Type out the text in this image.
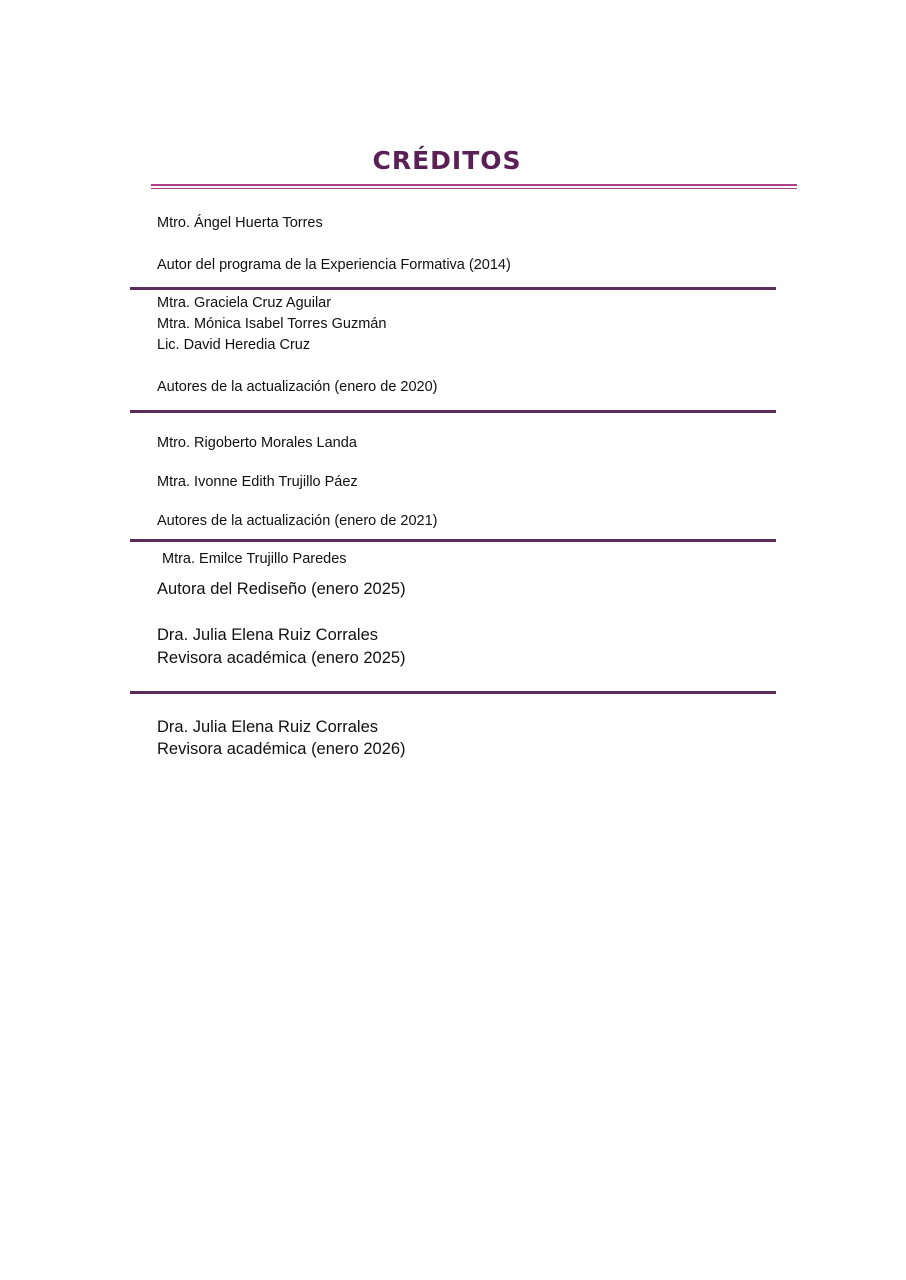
CRÉDITOS
Mtro. Ángel Huerta Torres
Autor del programa de la Experiencia Formativa (2014)
Mtra. Graciela Cruz Aguilar
Mtra. Mónica Isabel Torres Guzmán
Lic. David Heredia Cruz
Autores de la actualización (enero de 2020)
Mtro. Rigoberto Morales Landa
Mtra. Ivonne Edith Trujillo Páez
Autores de la actualización (enero de 2021)
Mtra. Emilce Trujillo Paredes
Autora del Rediseño (enero 2025)
Dra. Julia Elena Ruiz Corrales
Revisora académica (enero 2025)
Dra. Julia Elena Ruiz Corrales
Revisora académica (enero 2026)
